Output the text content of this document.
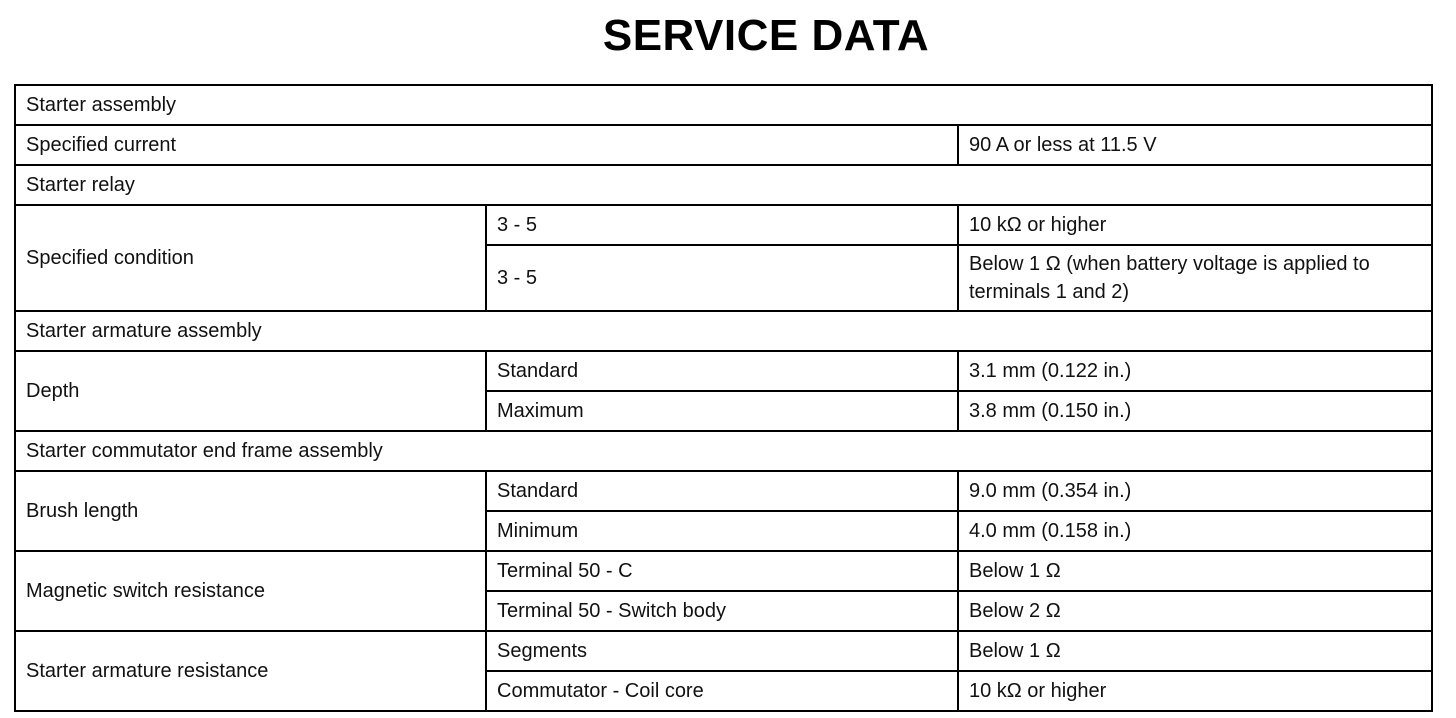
SERVICE DATA
Starter assembly		
Specified current		90 A or less at 11.5 V
Starter relay		
Specified condition	3 - 5	10 kΩ or higher
	3 - 5	Below 1 Ω (when battery voltage is applied to terminals 1 and 2)
Starter armature assembly		
Depth	Standard	3.1 mm (0.122 in.)
	Maximum	3.8 mm (0.150 in.)
Starter commutator end frame assembly		
Brush length	Standard	9.0 mm (0.354 in.)
	Minimum	4.0 mm (0.158 in.)
Magnetic switch resistance	Terminal 50 - C	Below 1 Ω
	Terminal 50 - Switch body	Below 2 Ω
Starter armature resistance	Segments	Below 1 Ω
	Commutator - Coil core	10 kΩ or higher
